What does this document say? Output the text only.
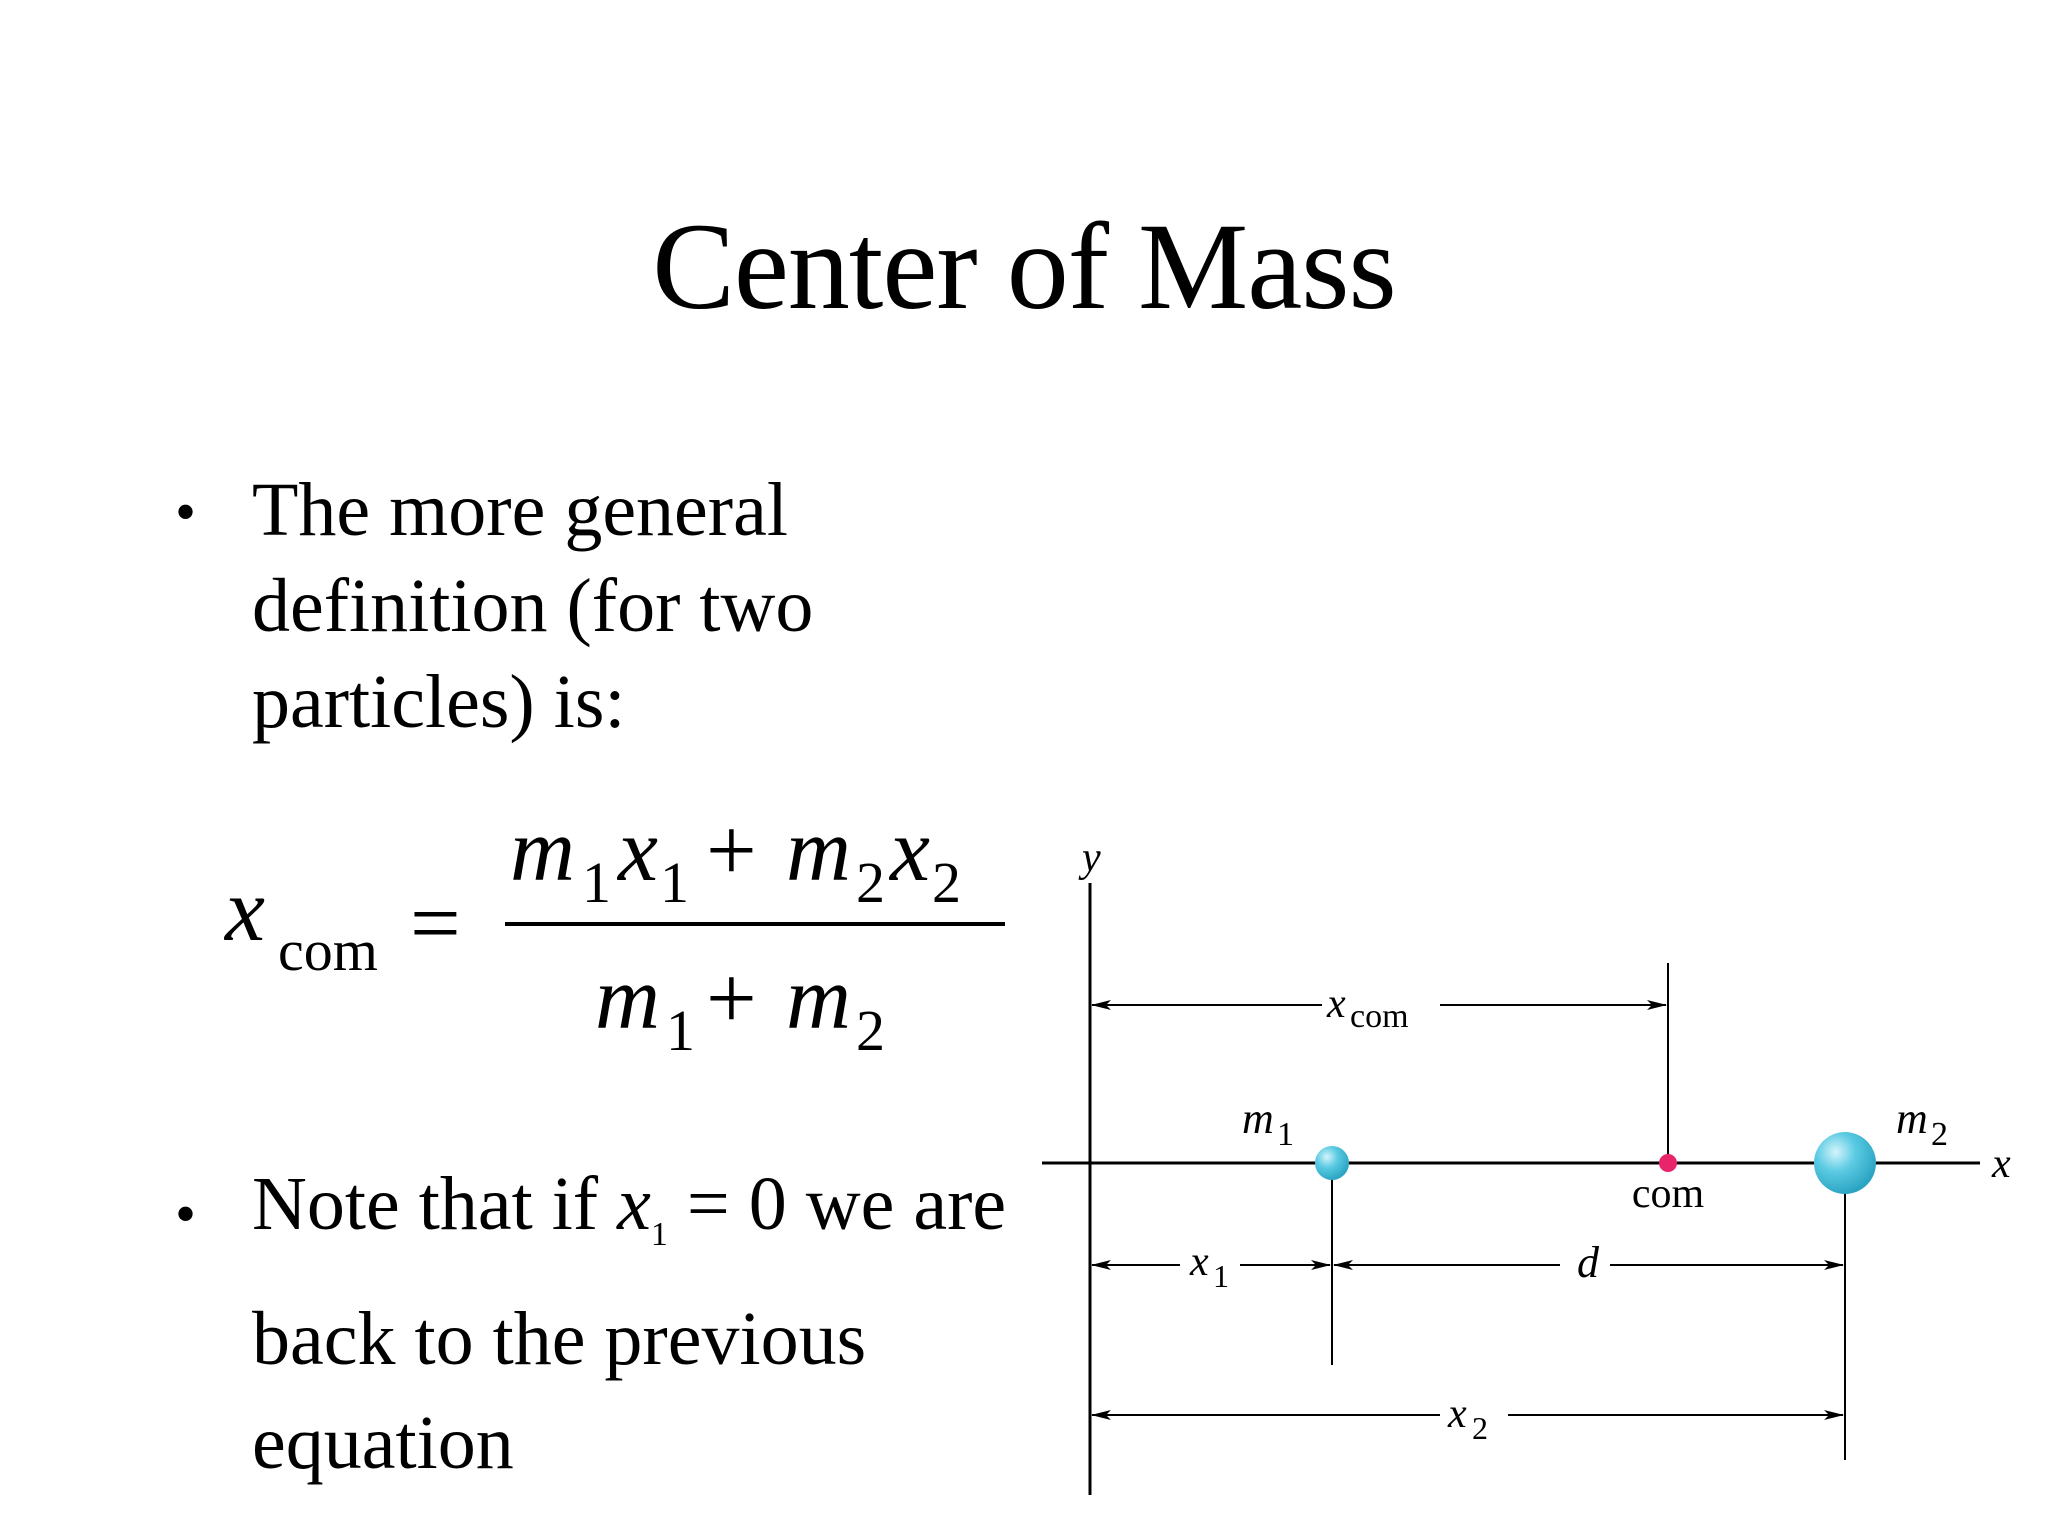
Center of Mass
• The more general definition (for two particles) is:
x com =
m 1 x 1 + m 2 x 2
m 1 + m 2
• Note that if $x_1 = 0$ we are back to the previous equation
y
x
x com
x 1	d
x 2
m 1	m 2
com
